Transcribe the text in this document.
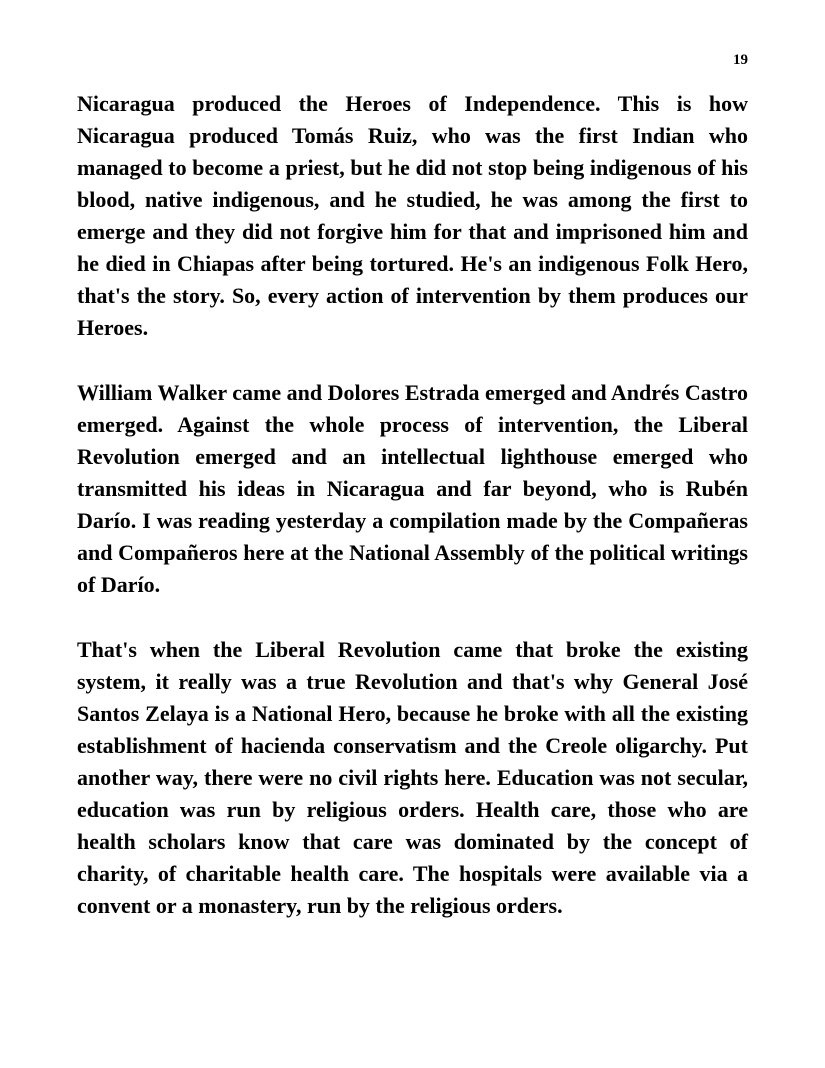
19

Nicaragua produced the Heroes of Independence. This is how Nicaragua produced Tomás Ruiz, who was the first Indian who managed to become a priest, but he did not stop being indigenous of his blood, native indigenous, and he studied, he was among the first to emerge and they did not forgive him for that and imprisoned him and he died in Chiapas after being tortured. He's an indigenous Folk Hero, that's the story. So, every action of intervention by them produces our Heroes.

William Walker came and Dolores Estrada emerged and Andrés Castro emerged. Against the whole process of intervention, the Liberal Revolution emerged and an intellectual lighthouse emerged who transmitted his ideas in Nicaragua and far beyond, who is Rubén Darío. I was reading yesterday a compilation made by the Compañeras and Compañeros here at the National Assembly of the political writings of Darío.

That's when the Liberal Revolution came that broke the existing system, it really was a true Revolution and that's why General José Santos Zelaya is a National Hero, because he broke with all the existing establishment of hacienda conservatism and the Creole oligarchy. Put another way, there were no civil rights here. Education was not secular, education was run by religious orders. Health care, those who are health scholars know that care was dominated by the concept of charity, of charitable health care. The hospitals were available via a convent or a monastery, run by the religious orders.
